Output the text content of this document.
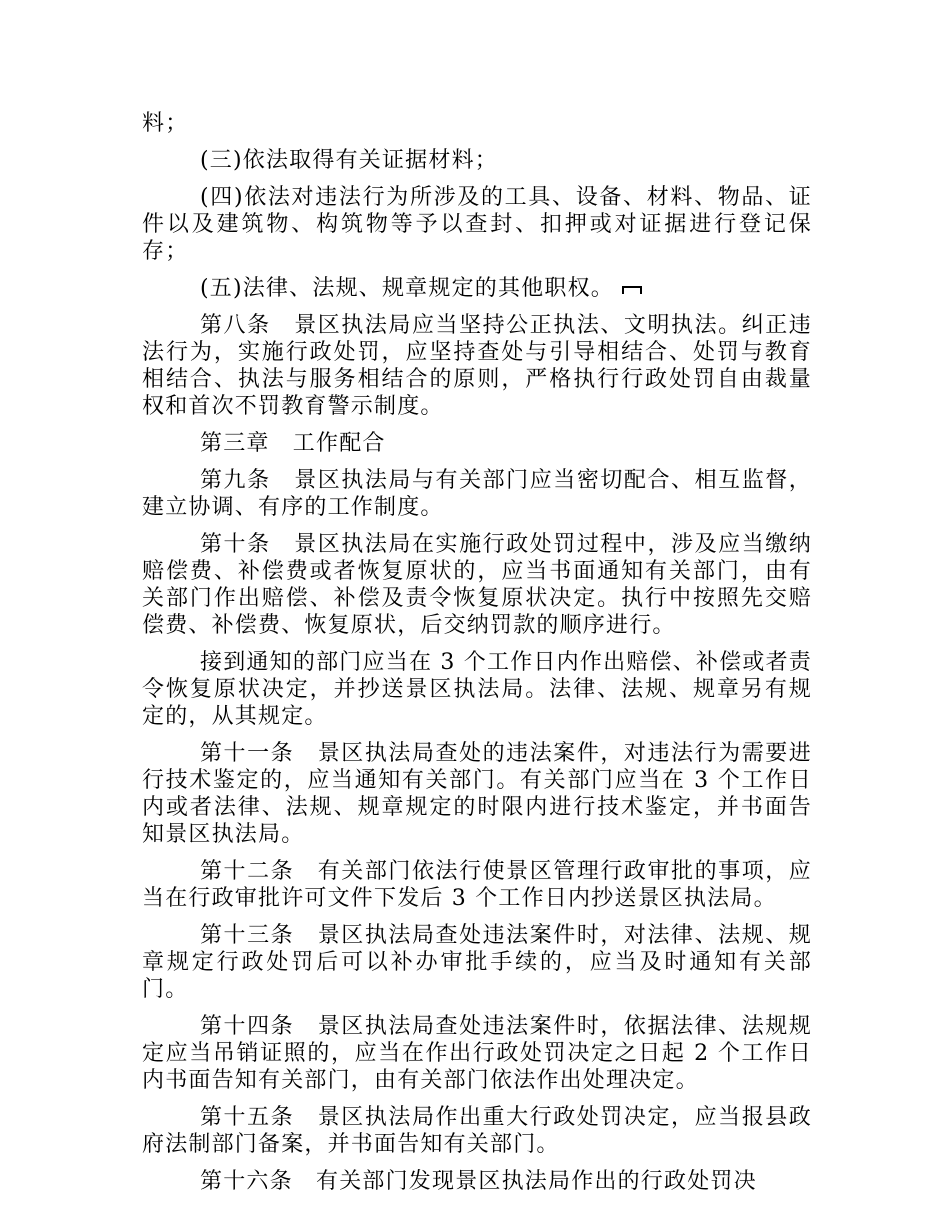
料；

(三)依法取得有关证据材料；

(四)依法对违法行为所涉及的工具、设备、材料、物品、证件以及建筑物、构筑物等予以查封、扣押或对证据进行登记保存；

(五)法律、法规、规章规定的其他职权。

第八条　景区执法局应当坚持公正执法、文明执法。纠正违法行为，实施行政处罚，应坚持查处与引导相结合、处罚与教育相结合、执法与服务相结合的原则，严格执行行政处罚自由裁量权和首次不罚教育警示制度。

第三章　工作配合

第九条　景区执法局与有关部门应当密切配合、相互监督，建立协调、有序的工作制度。

第十条　景区执法局在实施行政处罚过程中，涉及应当缴纳赔偿费、补偿费或者恢复原状的，应当书面通知有关部门，由有关部门作出赔偿、补偿及责令恢复原状决定。执行中按照先交赔偿费、补偿费、恢复原状，后交纳罚款的顺序进行。

接到通知的部门应当在 3 个工作日内作出赔偿、补偿或者责令恢复原状决定，并抄送景区执法局。法律、法规、规章另有规定的，从其规定。

第十一条　景区执法局查处的违法案件，对违法行为需要进行技术鉴定的，应当通知有关部门。有关部门应当在 3 个工作日内或者法律、法规、规章规定的时限内进行技术鉴定，并书面告知景区执法局。

第十二条　有关部门依法行使景区管理行政审批的事项，应当在行政审批许可文件下发后 3 个工作日内抄送景区执法局。

第十三条　景区执法局查处违法案件时，对法律、法规、规章规定行政处罚后可以补办审批手续的，应当及时通知有关部门。

第十四条　景区执法局查处违法案件时，依据法律、法规规定应当吊销证照的，应当在作出行政处罚决定之日起 2 个工作日内书面告知有关部门，由有关部门依法作出处理决定。

第十五条　景区执法局作出重大行政处罚决定，应当报县政府法制部门备案，并书面告知有关部门。

第十六条　有关部门发现景区执法局作出的行政处罚决
